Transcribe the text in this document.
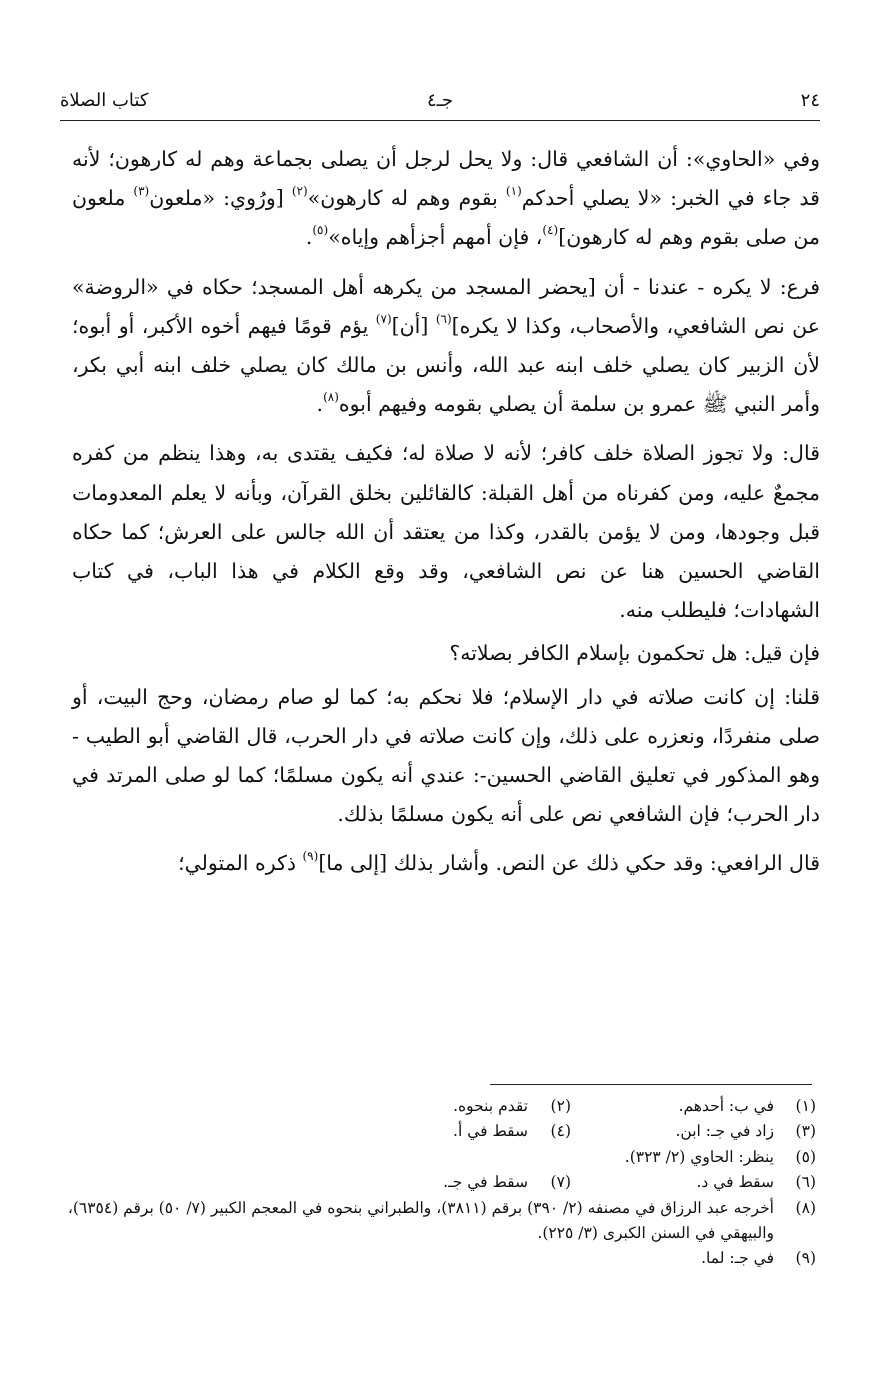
٢٤
جـ٤
كتاب الصلاة

وفي «الحاوي»: أن الشافعي قال: ولا يحل لرجل أن يصلى بجماعة وهم له كارهون؛ لأنه قد جاء في الخبر: «لا يصلي أحدكم$^{(١)}$ بقوم وهم له كارهون»$^{(٢)}$ [ورُوي: «ملعون$^{(٣)}$ ملعون من صلى بقوم وهم له كارهون]$^{(٤)}$، فإن أمهم أجزأهم وإياه»$^{(٥)}$.

فرع: لا يكره - عندنا - أن [يحضر المسجد من يكرهه أهل المسجد؛ حكاه في «الروضة» عن نص الشافعي، والأصحاب، وكذا لا يكره]$^{(٦)}$ [أن]$^{(٧)}$ يؤم قومًا فيهم أخوه الأكبر، أو أبوه؛ لأن الزبير كان يصلي خلف ابنه عبد الله، وأنس بن مالك كان يصلي خلف ابنه أبي بكر، وأمر النبي ﷺ عمرو بن سلمة أن يصلي بقومه وفيهم أبوه$^{(٨)}$.

قال: ولا تجوز الصلاة خلف كافر؛ لأنه لا صلاة له؛ فكيف يقتدى به، وهذا ينظم من كفره مجمعٌ عليه، ومن كفرناه من أهل القبلة: كالقائلين بخلق القرآن، وبأنه لا يعلم المعدومات قبل وجودها، ومن لا يؤمن بالقدر، وكذا من يعتقد أن الله جالس على العرش؛ كما حكاه القاضي الحسين هنا عن نص الشافعي، وقد وقع الكلام في هذا الباب، في كتاب الشهادات؛ فليطلب منه.

فإن قيل: هل تحكمون بإسلام الكافر بصلاته؟

قلنا: إن كانت صلاته في دار الإسلام؛ فلا نحكم به؛ كما لو صام رمضان، وحج البيت، أو صلى منفردًا، ونعزره على ذلك، وإن كانت صلاته في دار الحرب، قال القاضي أبو الطيب - وهو المذكور في تعليق القاضي الحسين-: عندي أنه يكون مسلمًا؛ كما لو صلى المرتد في دار الحرب؛ فإن الشافعي نص على أنه يكون مسلمًا بذلك.

قال الرافعي: وقد حكي ذلك عن النص. وأشار بذلك [إلى ما]$^{(٩)}$ ذكره المتولي؛

(١)
في ب: أحدهم.
(٢)
تقدم بنحوه.
(٣)
زاد في جـ: ابن.
(٤)
سقط في أ.
(٥)
ينظر: الحاوي (٢/ ٣٢٣).
(٦)
سقط في د.
(٧)
سقط في جـ.
(٨)
أخرجه عبد الرزاق في مصنفه (٢/ ٣٩٠) برقم (٣٨١١)، والطبراني بنحوه في المعجم الكبير (٧/ ٥٠) برقم (٦٣٥٤)، والبيهقي في السنن الكبرى (٣/ ٢٢٥).
(٩)
في جـ: لما.
